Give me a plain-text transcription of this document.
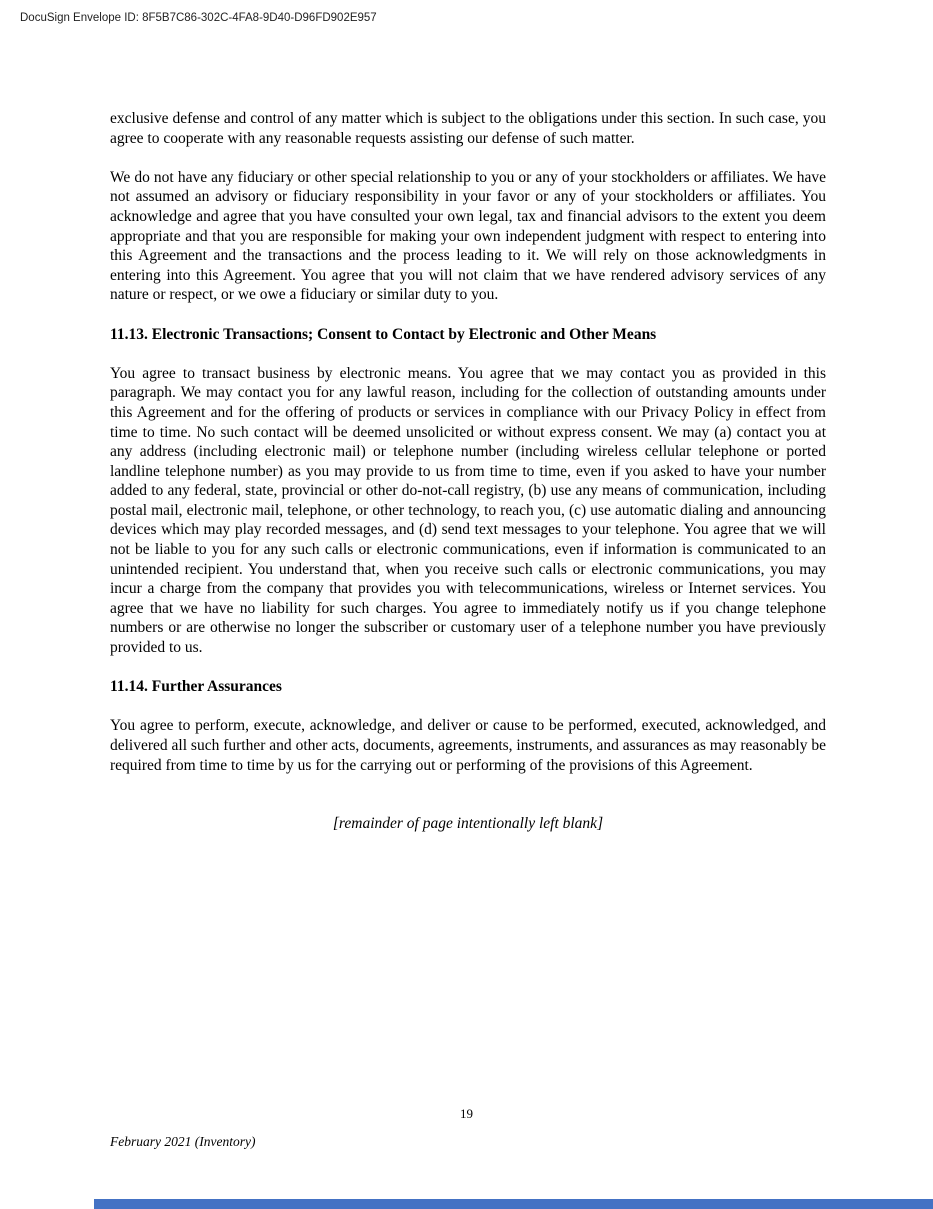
DocuSign Envelope ID: 8F5B7C86-302C-4FA8-9D40-D96FD902E957

exclusive defense and control of any matter which is subject to the obligations under this section. In such case, you agree to cooperate with any reasonable requests assisting our defense of such matter.

We do not have any fiduciary or other special relationship to you or any of your stockholders or affiliates. We have not assumed an advisory or fiduciary responsibility in your favor or any of your stockholders or affiliates. You acknowledge and agree that you have consulted your own legal, tax and financial advisors to the extent you deem appropriate and that you are responsible for making your own independent judgment with respect to entering into this Agreement and the transactions and the process leading to it. We will rely on those acknowledgments in entering into this Agreement. You agree that you will not claim that we have rendered advisory services of any nature or respect, or we owe a fiduciary or similar duty to you.

11.13. Electronic Transactions; Consent to Contact by Electronic and Other Means

You agree to transact business by electronic means. You agree that we may contact you as provided in this paragraph. We may contact you for any lawful reason, including for the collection of outstanding amounts under this Agreement and for the offering of products or services in compliance with our Privacy Policy in effect from time to time. No such contact will be deemed unsolicited or without express consent. We may (a) contact you at any address (including electronic mail) or telephone number (including wireless cellular telephone or ported landline telephone number) as you may provide to us from time to time, even if you asked to have your number added to any federal, state, provincial or other do-not-call registry, (b) use any means of communication, including postal mail, electronic mail, telephone, or other technology, to reach you, (c) use automatic dialing and announcing devices which may play recorded messages, and (d) send text messages to your telephone. You agree that we will not be liable to you for any such calls or electronic communications, even if information is communicated to an unintended recipient. You understand that, when you receive such calls or electronic communications, you may incur a charge from the company that provides you with telecommunications, wireless or Internet services. You agree that we have no liability for such charges. You agree to immediately notify us if you change telephone numbers or are otherwise no longer the subscriber or customary user of a telephone number you have previously provided to us.

11.14. Further Assurances

You agree to perform, execute, acknowledge, and deliver or cause to be performed, executed, acknowledged, and delivered all such further and other acts, documents, agreements, instruments, and assurances as may reasonably be required from time to time by us for the carrying out or performing of the provisions of this Agreement.

[remainder of page intentionally left blank]
19
February 2021 (Inventory)
